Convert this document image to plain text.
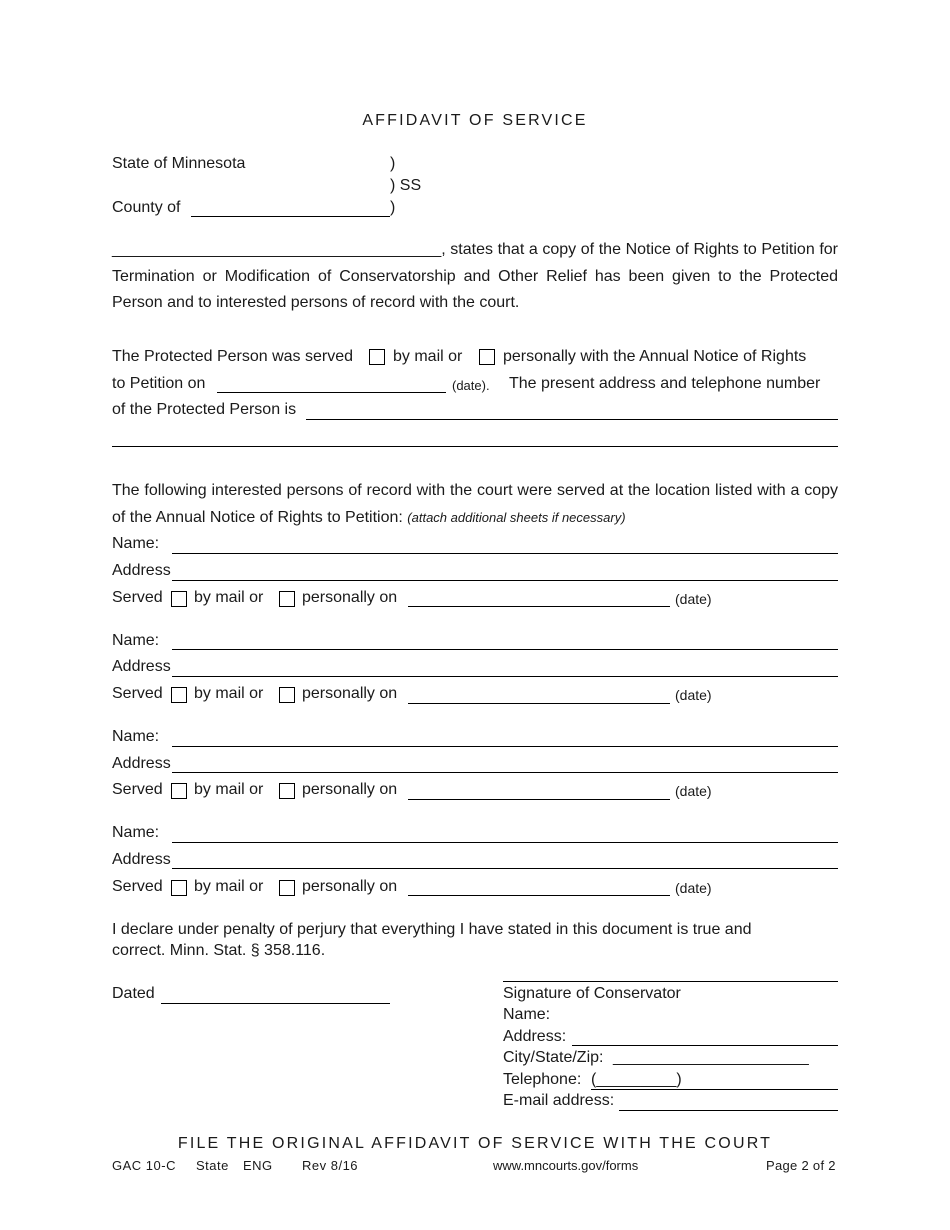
AFFIDAVIT OF SERVICE
State of Minnesota	)
) SS
County of	)
_____________________________________, states that a copy of the Notice of Rights to Petition for Termination or Modification of Conservatorship and Other Relief has been given to the Protected Person and to interested persons of record with the court.
The Protected Person was served by mail or	personally with the Annual Notice of Rights
to Petition on	(date). The present address and telephone number
of the Protected Person is
The following interested persons of record with the court were served at the location listed with a copy of the Annual Notice of Rights to Petition: (attach additional sheets if necessary)
Name:
Address
Served by mail or personally on	(date)
Name:
Address
Served by mail or personally on	(date)
Name:
Address
Served by mail or personally on	(date)
Name:
Address
Served by mail or personally on	(date)
I declare under penalty of perjury that everything I have stated in this document is true and
correct. Minn. Stat. § 358.116.
Dated	Signature of Conservator
Name:
Address:
City/State/Zip: ______________________
Telephone: (_________)
E-mail address:
FILE THE ORIGINAL AFFIDAVIT OF SERVICE WITH THE COURT
GAC 10-C State ENG Rev 8/16	www.mncourts.gov/forms	Page 2 of 2
